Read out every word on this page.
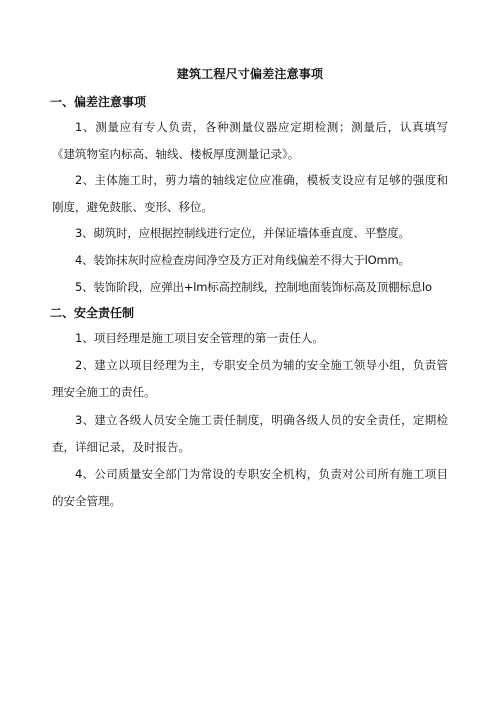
建筑工程尺寸偏差注意事项
一、偏差注意事项
1、测量应有专人负责，各种测量仪器应定期检测；测量后，认真填写《建筑物室内标高、轴线、楼板厚度测量记录》。
2、主体施工时，剪力墙的轴线定位应准确，模板支设应有足够的强度和刚度，避免鼓胀、变形、移位。
3、砌筑时，应根据控制线进行定位，并保证墙体垂直度、平整度。
4、装饰抹灰时应检查房间净空及方正对角线偏差不得大于lOmm。
5、装饰阶段，应弹出+lm标高控制线，控制地面装饰标高及顶棚标息lo
二、安全责任制
1、项目经理是施工项目安全管理的第一责任人。
2、建立以项目经理为主，专职安全员为辅的安全施工领导小组，负责管理安全施工的责任。
3、建立各级人员安全施工责任制度，明确各级人员的安全责任，定期检查，详细记录，及时报告。
4、公司质量安全部门为常设的专职安全机构，负责对公司所有施工项目的安全管理。
